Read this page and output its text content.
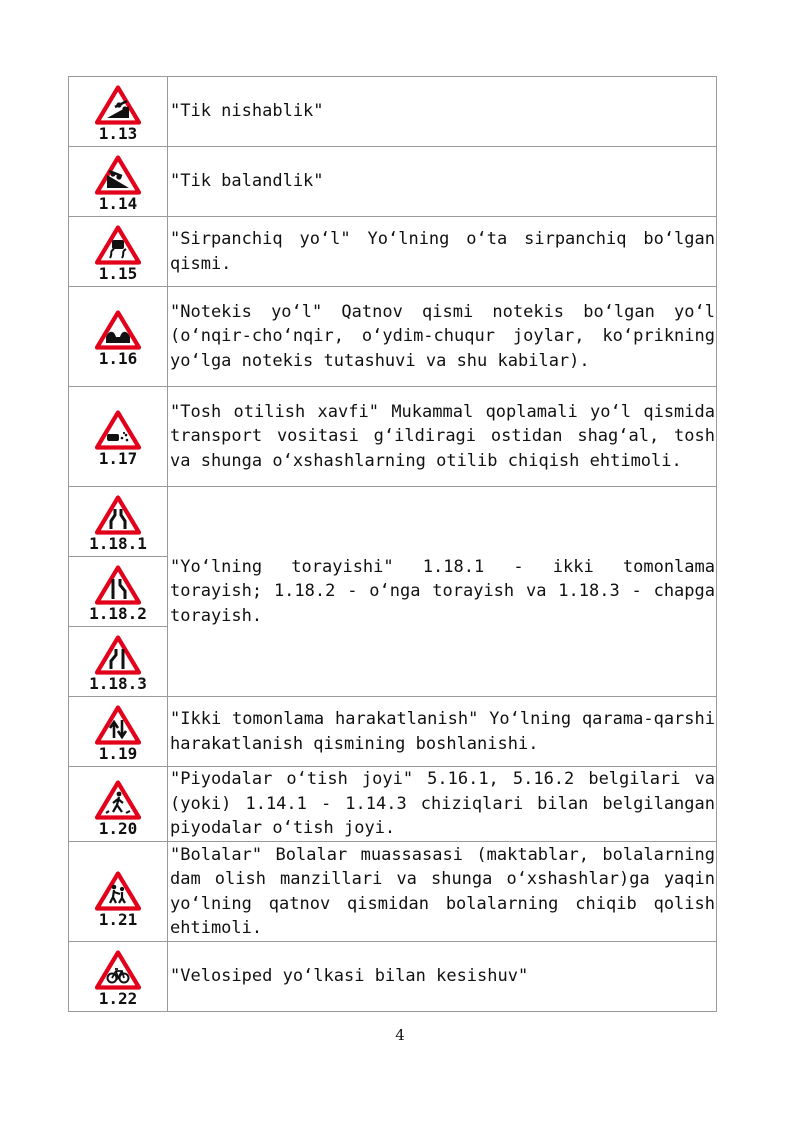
1.13	"Tik nishablik"

1.14	"Tik balandlik"

1.15	"Sirpanchiq yo‘l" Yo‘lning o‘ta sirpanchiq bo‘lgan qismi.

1.16	"Notekis yo‘l" Qatnov qismi notekis bo‘lgan yo‘l (o‘nqir-cho‘nqir, o‘ydim-chuqur joylar, ko‘prikning yo‘lga notekis tutashuvi va shu kabilar).

1.17	"Tosh otilish xavfi" Mukammal qoplamali yo‘l qismida transport vositasi g‘ildiragi ostidan shag‘al, tosh va shunga o‘xshashlarning otilib chiqish ehtimoli.

1.18.1	"Yo‘lning torayishi" 1.18.1 - ikki tomonlama torayish; 1.18.2 - o‘nga torayish va 1.18.3 - chapga torayish.

1.18.2	

1.18.3	

1.19	"Ikki tomonlama harakatlanish" Yo‘lning qarama-qarshi harakatlanish qismining boshlanishi.

1.20	"Piyodalar o‘tish joyi" 5.16.1, 5.16.2 belgilari va (yoki) 1.14.1 - 1.14.3 chiziqlari bilan belgilangan piyodalar o‘tish joyi.

1.21	"Bolalar" Bolalar muassasasi (maktablar, bolalarning dam olish manzillari va shunga o‘xshashlar)ga yaqin yo‘lning qatnov qismidan bolalarning chiqib qolish ehtimoli.

1.22	"Velosiped yo‘lkasi bilan kesishuv"
4
